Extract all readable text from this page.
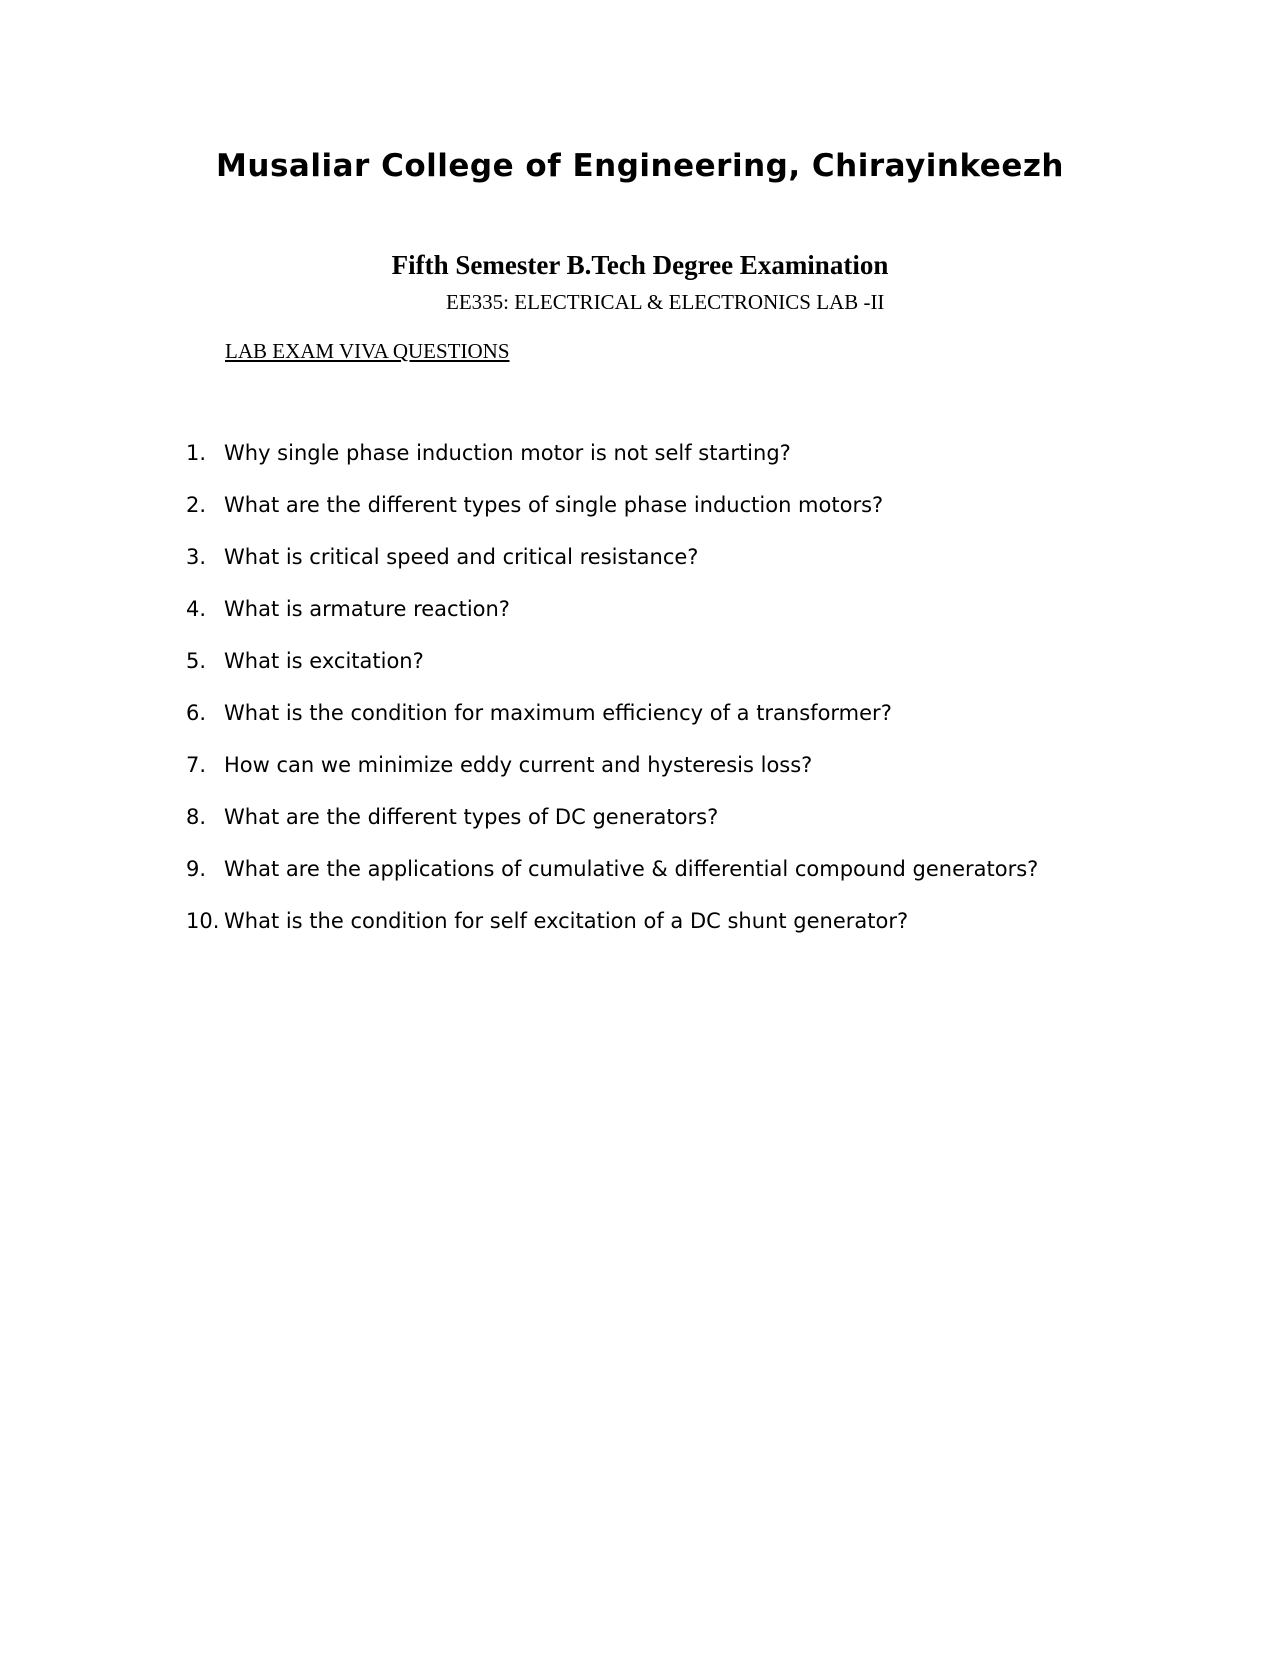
Musaliar College of Engineering, Chirayinkeezh
Fifth Semester B.Tech Degree Examination
EE335: ELECTRICAL & ELECTRONICS LAB -II
LAB EXAM VIVA QUESTIONS
1. Why single phase induction motor is not self starting?
2. What are the different types of single phase induction motors?
3. What is critical speed and critical resistance?
4. What is armature reaction?
5. What is excitation?
6. What is the condition for maximum efficiency of a transformer?
7. How can we minimize eddy current and hysteresis loss?
8. What are the different types of DC generators?
9. What are the applications of cumulative & differential compound generators?
10. What is the condition for self excitation of a DC shunt generator?
